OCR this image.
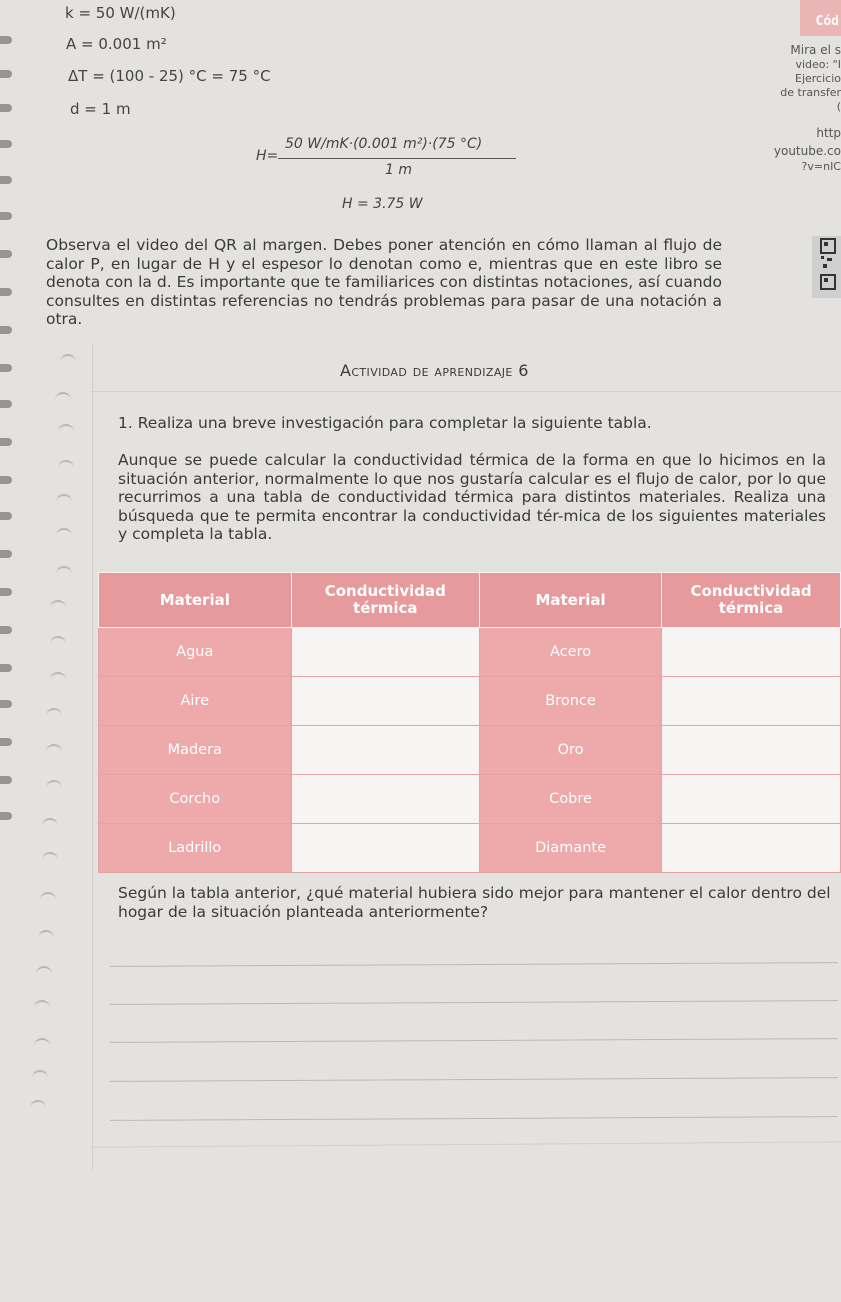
k = 50 W/(mK)
A = 0.001 m²
ΔT = (100 - 25) °C = 75 °C
d = 1 m
H=
50 W/mK·(0.001 m²)·(75 °C)
1 m
H = 3.75 W
Cód
Mira el s
video: "I
Ejercicio
de transfer
(
http
youtube.co
?v=nIC
Observa el video del QR al margen. Debes poner atención en cómo llaman al flujo de calor P, en lugar de H y el espesor lo denotan como e, mientras que en este libro se denota con la d. Es importante que te familiarices con distintas notaciones, así cuando consultes en distintas referencias no tendrás problemas para pasar de una notación a otra.
Actividad de aprendizaje 6
1. Realiza una breve investigación para completar la siguiente tabla.
Aunque se puede calcular la conductividad térmica de la forma en que lo hicimos en la situación anterior, normalmente lo que nos gustaría calcular es el flujo de calor, por lo que recurrimos a una tabla de conductividad térmica para distintos materiales. Realiza una búsqueda que te permita encontrar la conductividad tér-mica de los siguientes materiales y completa la tabla.
Material	Conductividad térmica	Material	Conductividad térmica
Agua		Acero	
Aire		Bronce	
Madera		Oro	
Corcho		Cobre	
Ladrillo		Diamante	
Según la tabla anterior, ¿qué material hubiera sido mejor para mantener el calor dentro del hogar de la situación planteada anteriormente?
